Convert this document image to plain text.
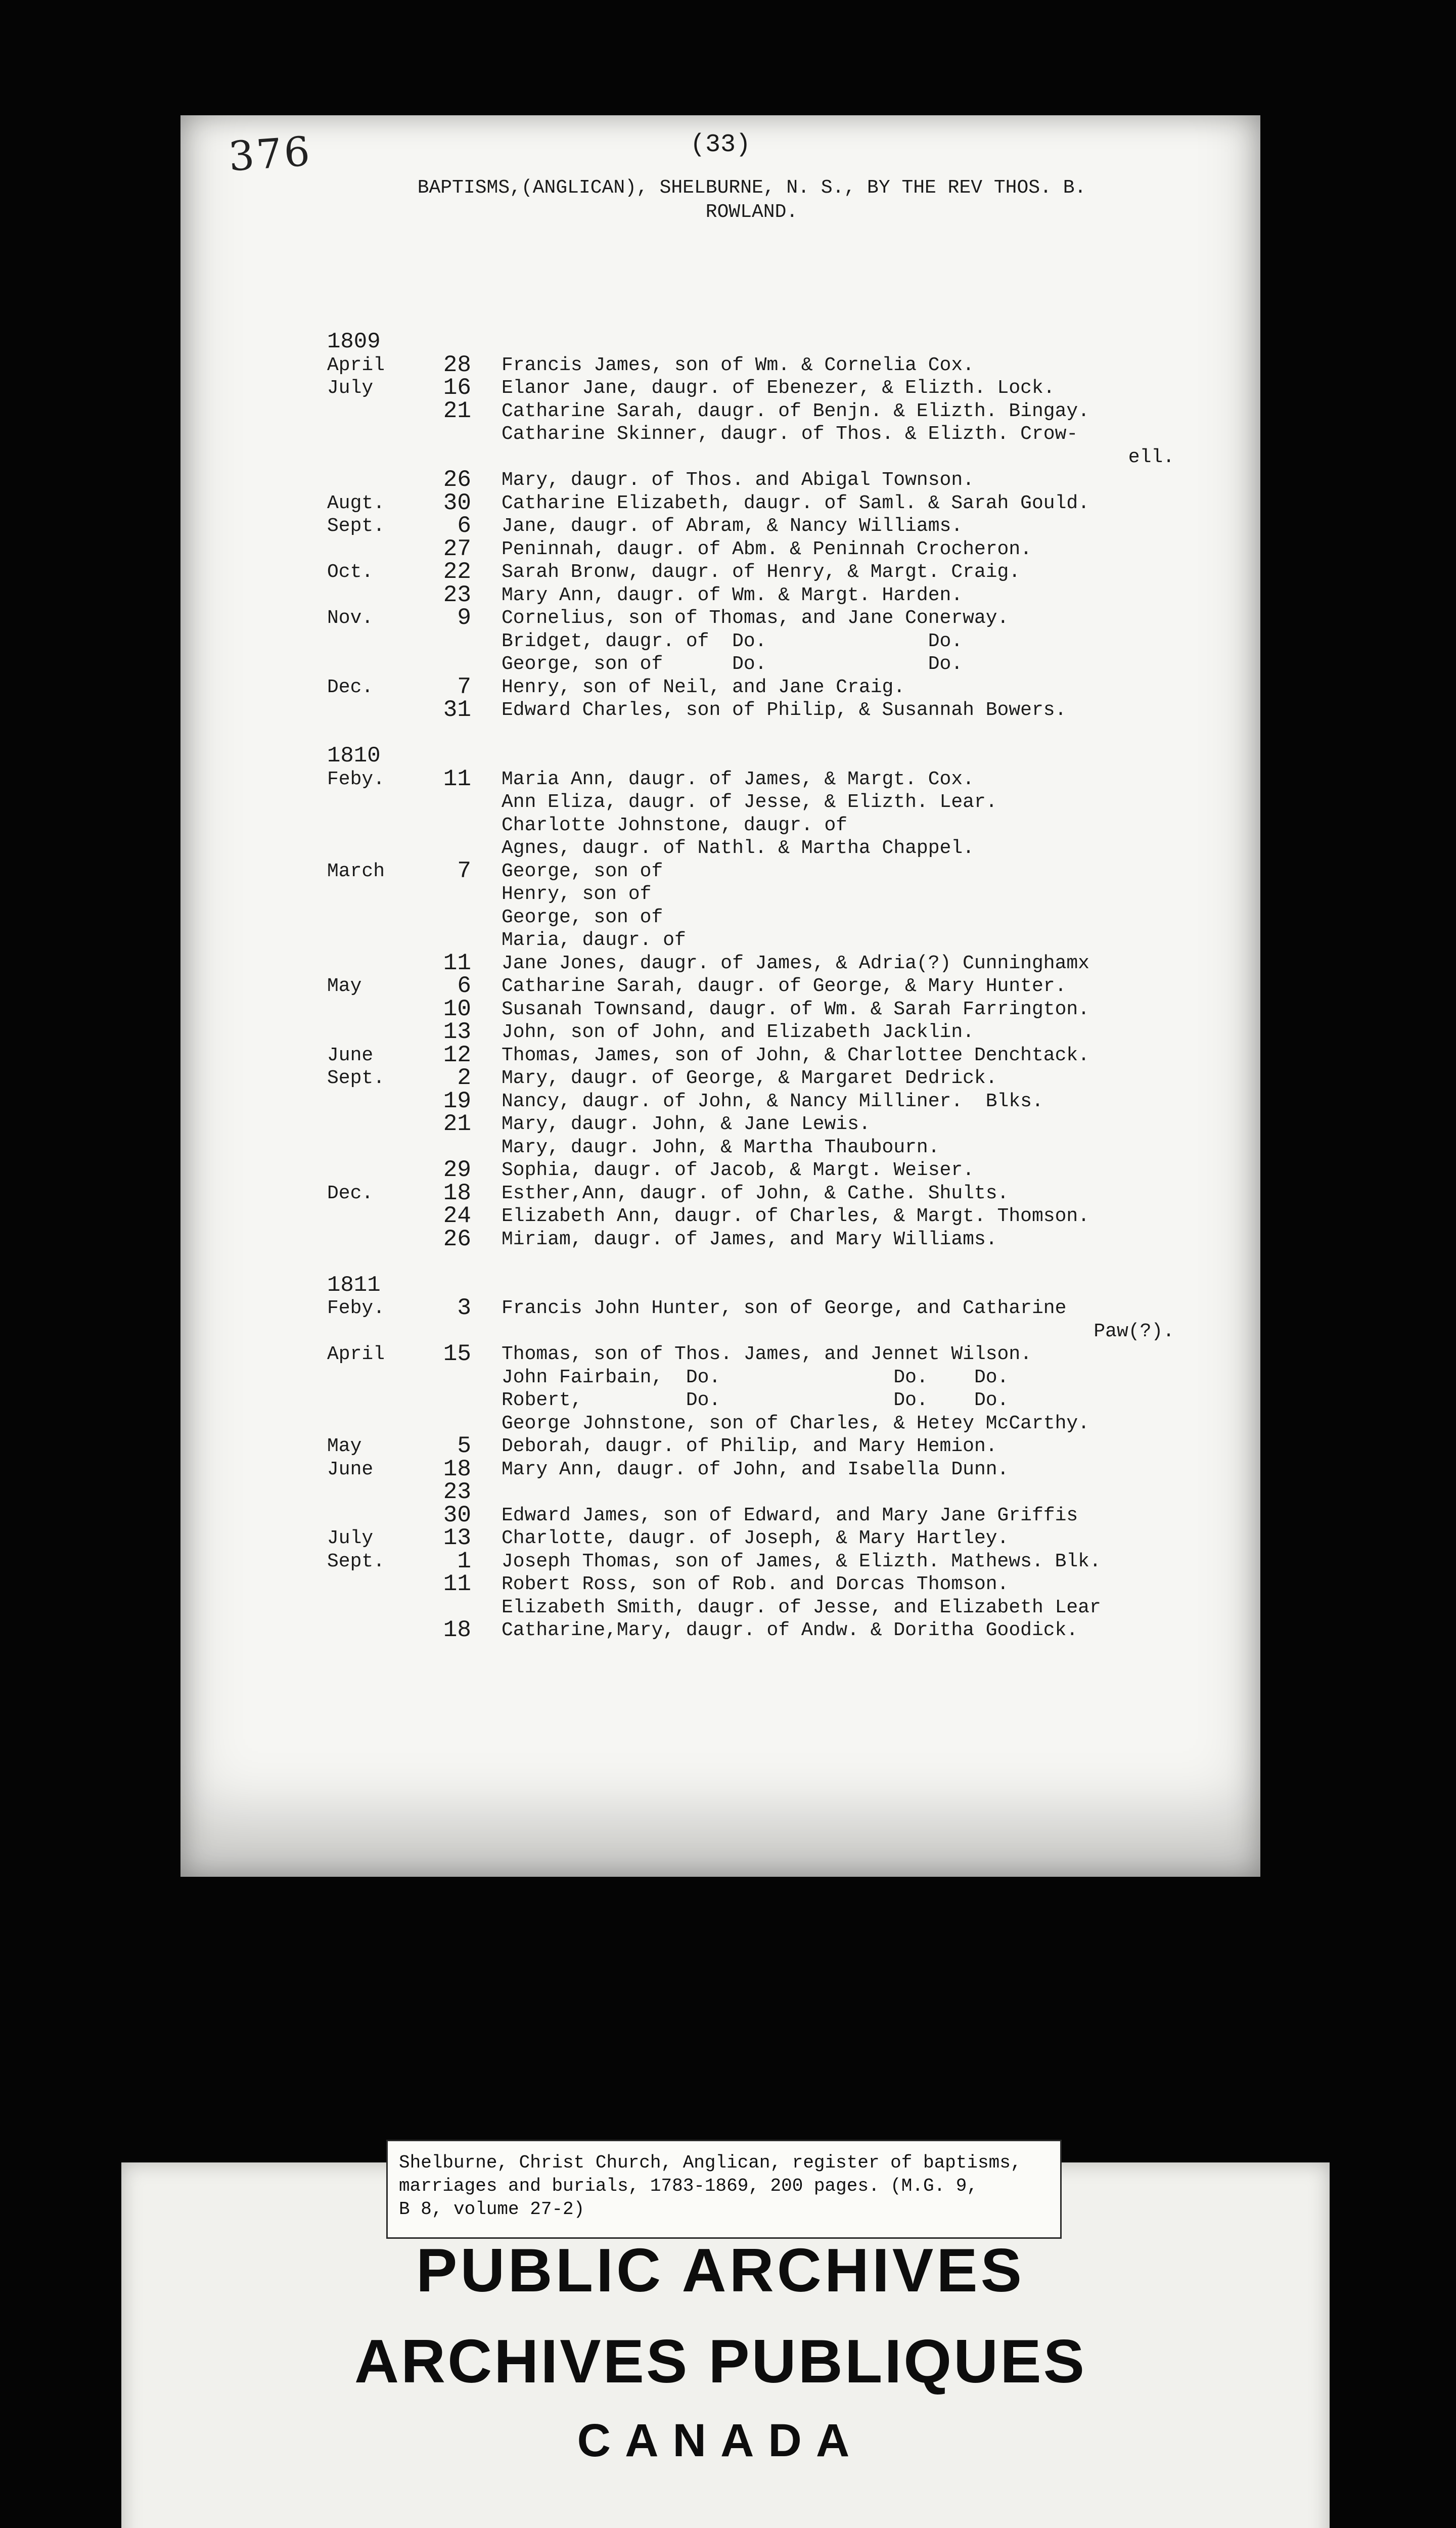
376	(33)
BAPTISMS,(ANGLICAN), SHELBURNE, N. S., BY THE REV THOS. B.
ROWLAND.
1809
April	28 Francis James, son of Wm. & Cornelia Cox.
July	16 Elanor Jane, daugr. of Ebenezer, & Elizth. Lock.
21 Catharine Sarah, daugr. of Benjn. & Elizth. Bingay.
Catharine Skinner, daugr. of Thos. & Elizth. Crow-
ell.
26 Mary, daugr. of Thos. and Abigal Townson.
Augt.	30 Catharine Elizabeth, daugr. of Saml. & Sarah Gould.
Sept.	6 Jane, daugr. of Abram, & Nancy Williams.
27 Peninnah, daugr. of Abm. & Peninnah Crocheron.
Oct.	22 Sarah Bronw, daugr. of Henry, & Margt. Craig.
23 Mary Ann, daugr. of Wm. & Margt. Harden.
Nov.	9 Cornelius, son of Thomas, and Jane Conerway.
Bridget, daugr. of  Do.              Do.
George, son of      Do.              Do.
Dec.	7 Henry, son of Neil, and Jane Craig.
31 Edward Charles, son of Philip, & Susannah Bowers.
1810
Feby.	11 Maria Ann, daugr. of James, & Margt. Cox.
Ann Eliza, daugr. of Jesse, & Elizth. Lear.
Charlotte Johnstone, daugr. of
Agnes, daugr. of Nathl. & Martha Chappel.
March	7 George, son of
Henry, son of
George, son of
Maria, daugr. of
11 Jane Jones, daugr. of James, & Adria(?) Cunninghamx
May	6 Catharine Sarah, daugr. of George, & Mary Hunter.
10 Susanah Townsand, daugr. of Wm. & Sarah Farrington.
13 John, son of John, and Elizabeth Jacklin.
June	12 Thomas, James, son of John, & Charlottee Denchtack.
Sept.	2 Mary, daugr. of George, & Margaret Dedrick.
19 Nancy, daugr. of John, & Nancy Milliner.  Blks.
21 Mary, daugr. John, & Jane Lewis.
Mary, daugr. John, & Martha Thaubourn.
29 Sophia, daugr. of Jacob, & Margt. Weiser.
Dec.	18 Esther,Ann, daugr. of John, & Cathe. Shults.
24 Elizabeth Ann, daugr. of Charles, & Margt. Thomson.
26 Miriam, daugr. of James, and Mary Williams.
1811
Feby.	3 Francis John Hunter, son of George, and Catharine
Paw(?).
April	15 Thomas, son of Thos. James, and Jennet Wilson.
John Fairbain,  Do.               Do.    Do.
Robert,         Do.               Do.    Do.
George Johnstone, son of Charles, & Hetey McCarthy.
May	5 Deborah, daugr. of Philip, and Mary Hemion.
June	18 Mary Ann, daugr. of John, and Isabella Dunn.
23
30 Edward James, son of Edward, and Mary Jane Griffis
July	13 Charlotte, daugr. of Joseph, & Mary Hartley.
Sept.	1 Joseph Thomas, son of James, & Elizth. Mathews. Blk.
11 Robert Ross, son of Rob. and Dorcas Thomson.
Elizabeth Smith, daugr. of Jesse, and Elizabeth Lear
18 Catharine,Mary, daugr. of Andw. & Doritha Goodick.
Shelburne, Christ Church, Anglican, register of baptisms,
marriages and burials, 1783-1869, 200 pages. (M.G. 9,
B 8, volume 27-2)
PUBLIC ARCHIVES
ARCHIVES PUBLIQUES
CANADA
